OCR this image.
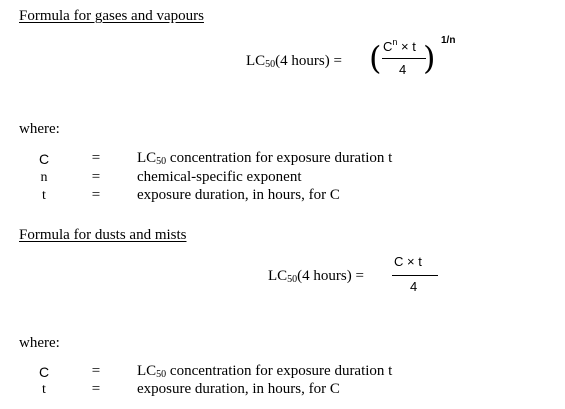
Formula for gases and vapours
$LC_{50}(4$ hours) = ( $C^n \times t$
4 ) 1/n
where:
C	= $LC_{50}$ concentration for exposure duration t
n	= chemical-specific exponent
t	= exposure duration, in hours, for C
Formula for dusts and mists
$LC_{50}(4$ hours) =
C × t
4
where:
C	= $LC_{50}$ concentration for exposure duration t
t	= exposure duration, in hours, for C
